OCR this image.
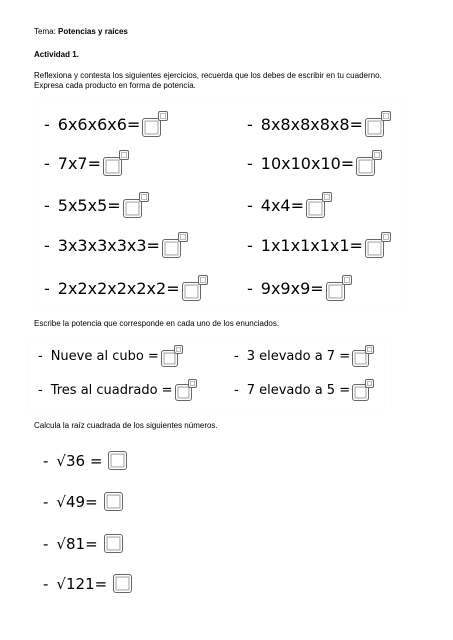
Tema: Potencias y raíces
Actividad 1.
Reflexiona y contesta los siguientes ejercicios, recuerda que los debes de escribir en tu cuaderno.
Expresa cada producto en forma de potencia.
- 6x6x6x6=
- 7x7=
- 5x5x5=
- 3x3x3x3x3=
- 2x2x2x2x2x2=
- 8x8x8x8x8=
- 10x10x10=
- 4x4=
- 1x1x1x1x1=
- 9x9x9=
Escribe la potencia que corresponde en cada uno de los enunciados.
- Nueve al cubo =
- Tres al cuadrado =
- 3 elevado a 7 =
- 7 elevado a 5 =
Calcula la raíz cuadrada de los siguientes números.
- √36 =
- √49=
- √81=
- √121=
